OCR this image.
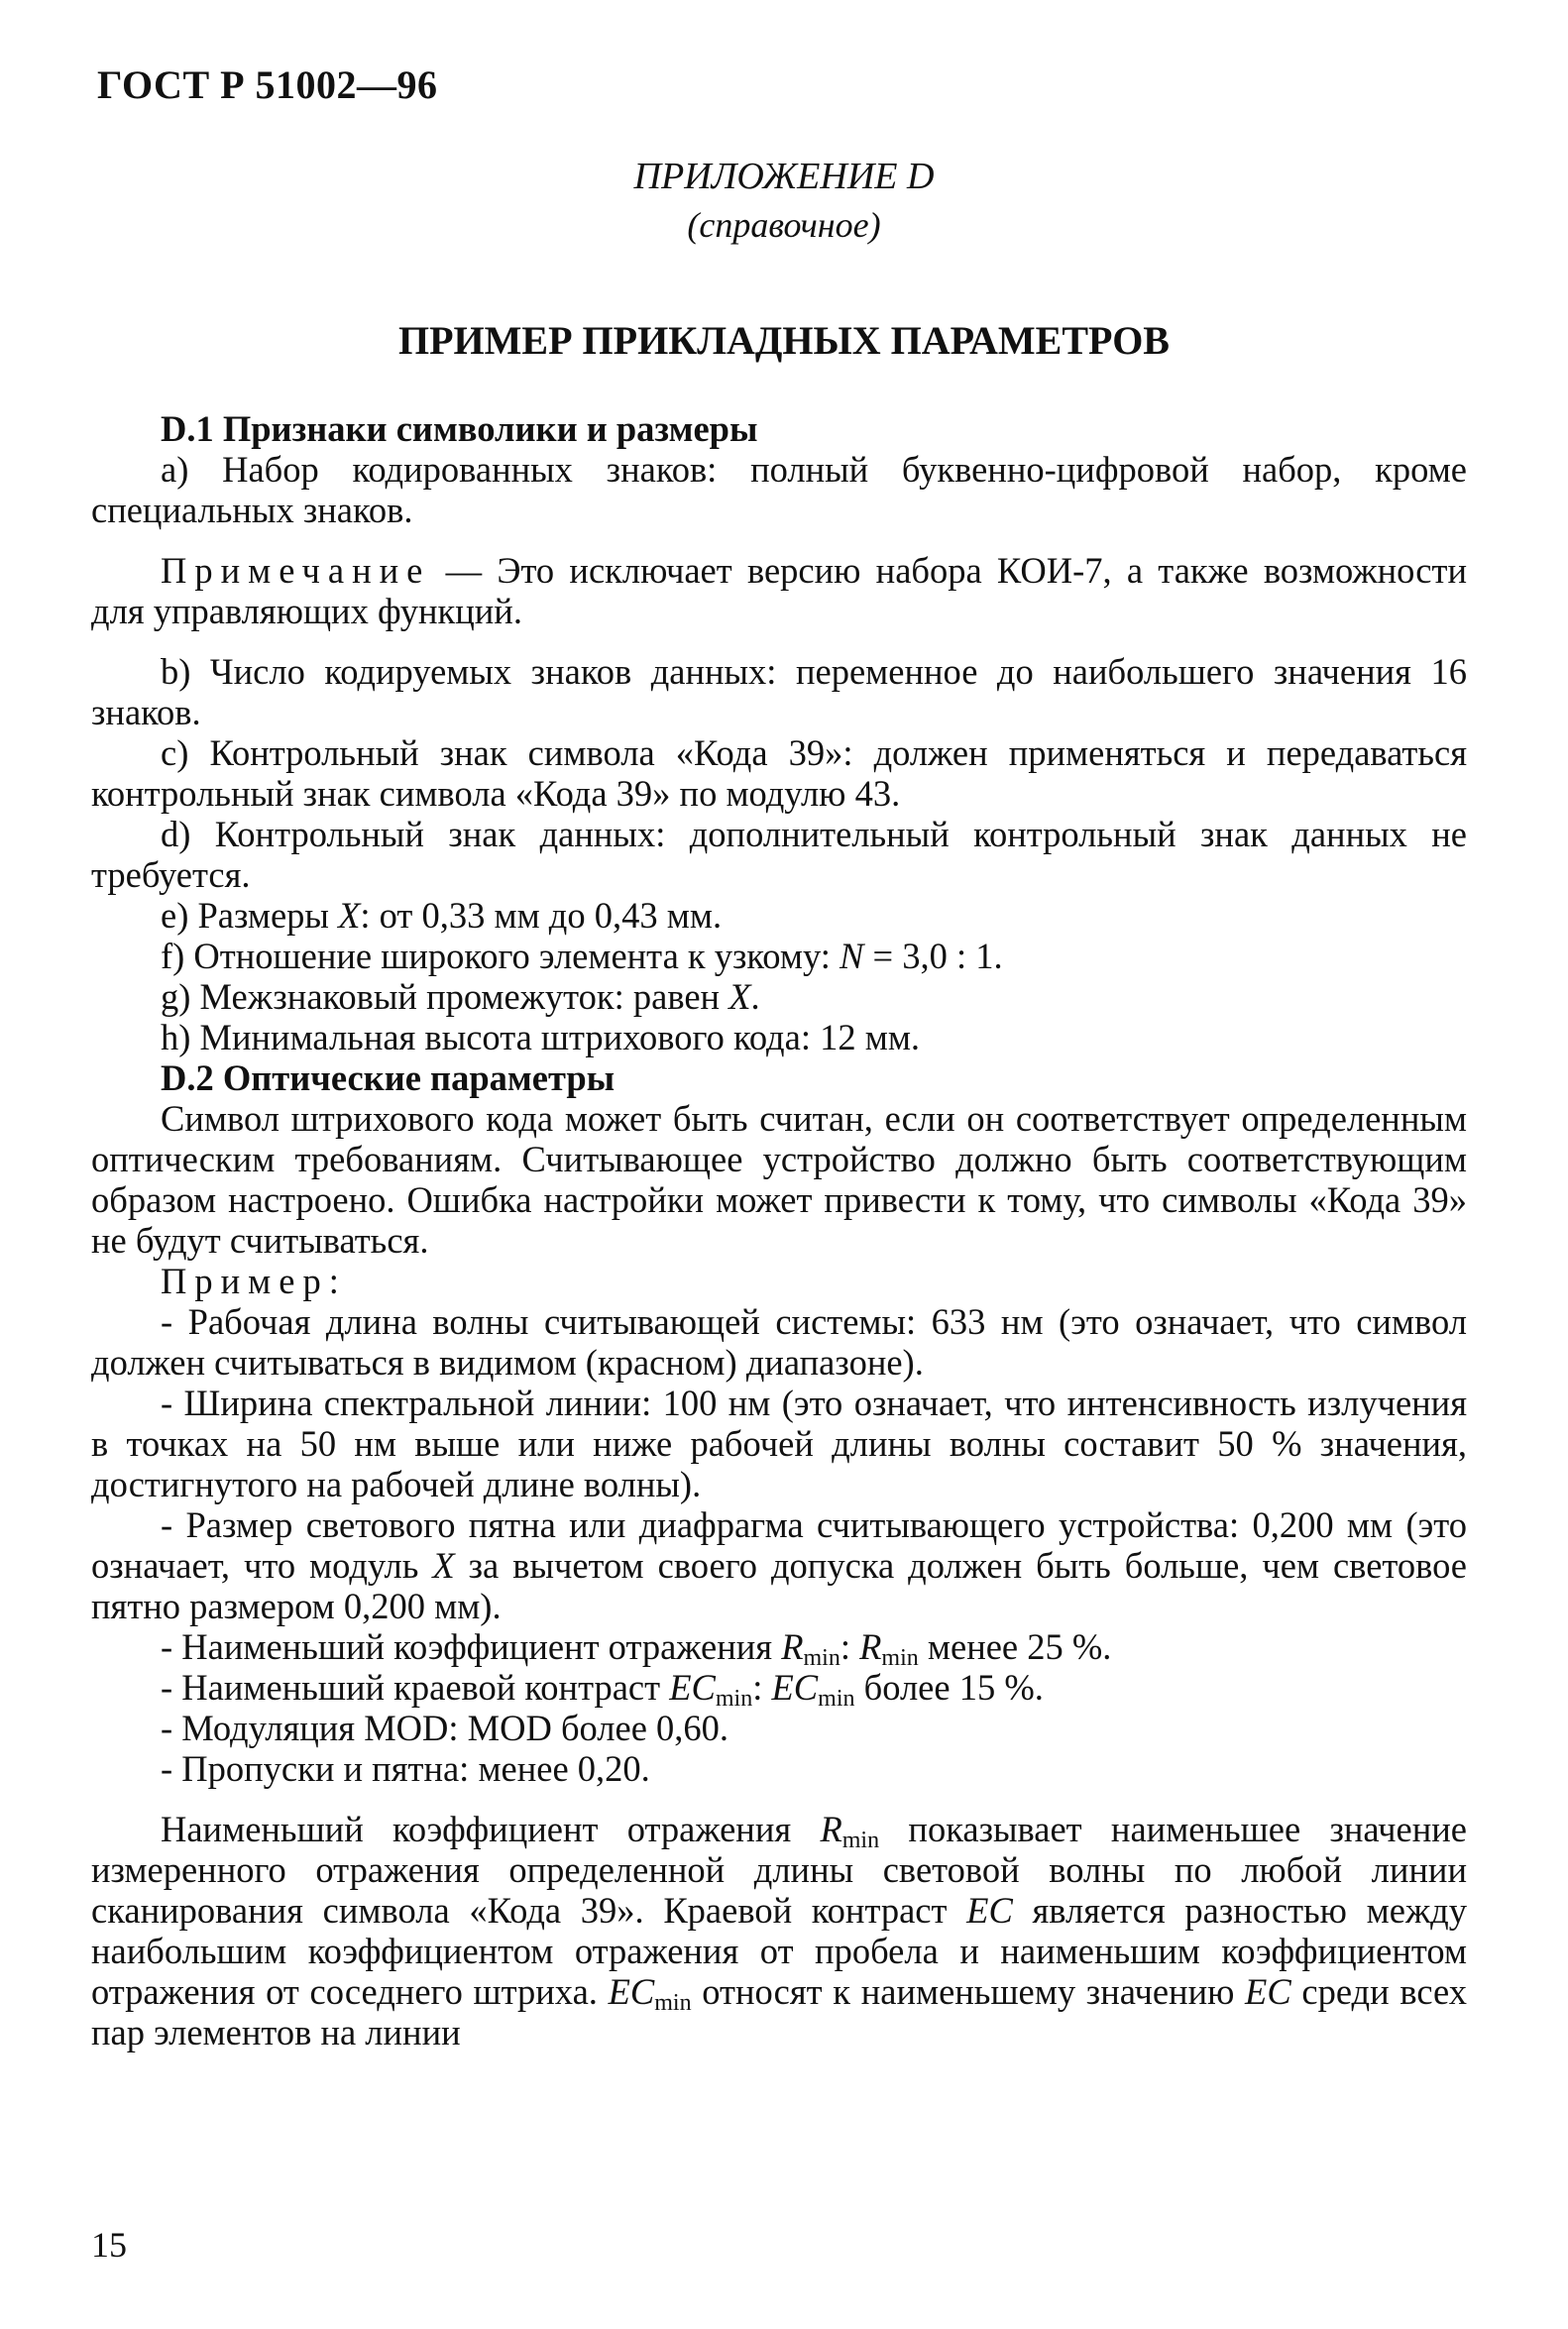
ГОСТ Р 51002—96
ПРИЛОЖЕНИЕ D
(справочное)
ПРИМЕР ПРИКЛАДНЫХ ПАРАМЕТРОВ

D.1 Признаки символики и размеры

а) Набор кодированных знаков: полный буквенно-цифровой набор, кроме специальных знаков.

Примечание — Это исключает версию набора КОИ-7, а также возможности для управляющих функций.

b) Число кодируемых знаков данных: переменное до наибольшего значения 16 знаков.

c) Контрольный знак символа «Кода 39»: должен применяться и передаваться контрольный знак символа «Кода 39» по модулю 43.

d) Контрольный знак данных: дополнительный контрольный знак данных не требуется.

e) Размеры X: от 0,33 мм до 0,43 мм.

f) Отношение широкого элемента к узкому: N = 3,0 : 1.

g) Межзнаковый промежуток: равен X.

h) Минимальная высота штрихового кода: 12 мм.

D.2 Оптические параметры

Символ штрихового кода может быть считан, если он соответствует определенным оптическим требованиям. Считывающее устройство должно быть соответствующим образом настроено. Ошибка настройки может привести к тому, что символы «Кода 39» не будут считываться.

Пример:

- Рабочая длина волны считывающей системы: 633 нм (это означает, что символ должен считываться в видимом (красном) диапазоне).

- Ширина спектральной линии: 100 нм (это означает, что интенсивность излучения в точках на 50 нм выше или ниже рабочей длины волны составит 50 % значения, достигнутого на рабочей длине волны).

- Размер светового пятна или диафрагма считывающего устройства: 0,200 мм (это означает, что модуль X за вычетом своего допуска должен быть больше, чем световое пятно размером 0,200 мм).

- Наименьший коэффициент отражения $R_{min}$: $R_{min}$ менее 25 %.

- Наименьший краевой контраст $EC_{min}$: $EC_{min}$ более 15 %.

- Модуляция MOD: MOD более 0,60.

- Пропуски и пятна: менее 0,20.

Наименьший коэффициент отражения $R_{min}$ показывает наименьшее значение измеренного отражения определенной длины световой волны по любой линии сканирования символа «Кода 39». Краевой контраст EC является разностью между наибольшим коэффициентом отражения от пробела и наименьшим коэффициентом отражения от соседнего штриха. $EC_{min}$ относят к наименьшему значению EC среди всех пар элементов на линии

15
